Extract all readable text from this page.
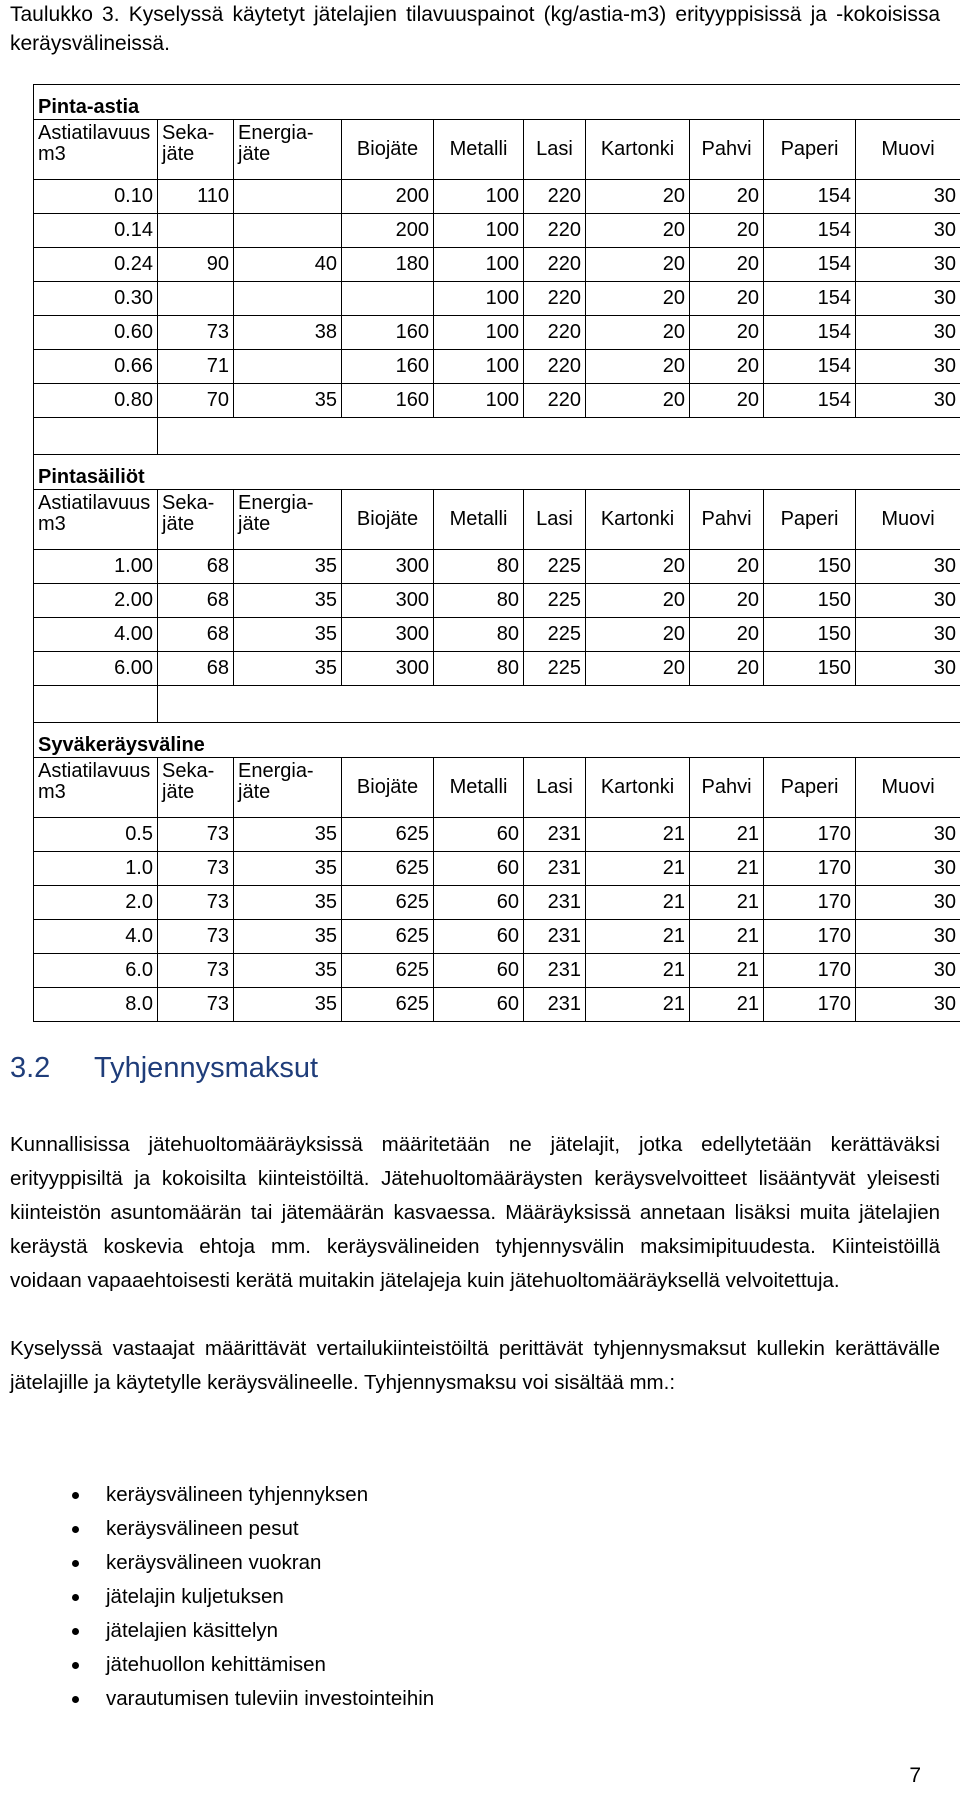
Taulukko 3. Kyselyssä käytetyt jätelajien tilavuuspainot (kg/astia-m3) erityyppisissä ja -kokoisissa keräysvälineissä.
Pinta-astia									
Astiatilavuus m3	Seka-jäte	Energia-jäte	Biojäte	Metalli	Lasi	Kartonki	Pahvi	Paperi	Muovi
0.10	110		200	100	220	20	20	154	30
0.14			200	100	220	20	20	154	30
0.24	90	40	180	100	220	20	20	154	30
0.30				100	220	20	20	154	30
0.60	73	38	160	100	220	20	20	154	30
0.66	71		160	100	220	20	20	154	30
0.80	70	35	160	100	220	20	20	154	30

Pintasäiliöt									
Astiatilavuus m3	Seka-jäte	Energia-jäte	Biojäte	Metalli	Lasi	Kartonki	Pahvi	Paperi	Muovi
1.00	68	35	300	80	225	20	20	150	30
2.00	68	35	300	80	225	20	20	150	30
4.00	68	35	300	80	225	20	20	150	30
6.00	68	35	300	80	225	20	20	150	30

Syväkeräysväline									
Astiatilavuus m3	Seka-jäte	Energia-jäte	Biojäte	Metalli	Lasi	Kartonki	Pahvi	Paperi	Muovi
0.5	73	35	625	60	231	21	21	170	30
1.0	73	35	625	60	231	21	21	170	30
2.0	73	35	625	60	231	21	21	170	30
4.0	73	35	625	60	231	21	21	170	30
6.0	73	35	625	60	231	21	21	170	30
8.0	73	35	625	60	231	21	21	170	30
3.2 Tyhjennysmaksut

Kunnallisissa jätehuoltomääräyksissä määritetään ne jätelajit, jotka edellytetään kerättäväksi erityyppisiltä ja kokoisilta kiinteistöiltä. Jätehuoltomääräysten keräysvelvoitteet lisääntyvät yleisesti kiinteistön asuntomäärän tai jätemäärän kasvaessa. Määräyksissä annetaan lisäksi muita jätelajien keräystä koskevia ehtoja mm. keräysvälineiden tyhjennysvälin maksimipituudesta. Kiinteistöillä voidaan vapaaehtoisesti kerätä muitakin jätelajeja kuin jätehuoltomääräyksellä velvoitettuja.

Kyselyssä vastaajat määrittävät vertailukiinteistöiltä perittävät tyhjennysmaksut kullekin kerättävälle jätelajille ja käytetylle keräysvälineelle. Tyhjennysmaksu voi sisältää mm.:

keräysvälineen tyhjennyksen
keräysvälineen pesut
keräysvälineen vuokran
jätelajin kuljetuksen
jätelajien käsittelyn
jätehuollon kehittämisen
varautumisen tuleviin investointeihin
7
